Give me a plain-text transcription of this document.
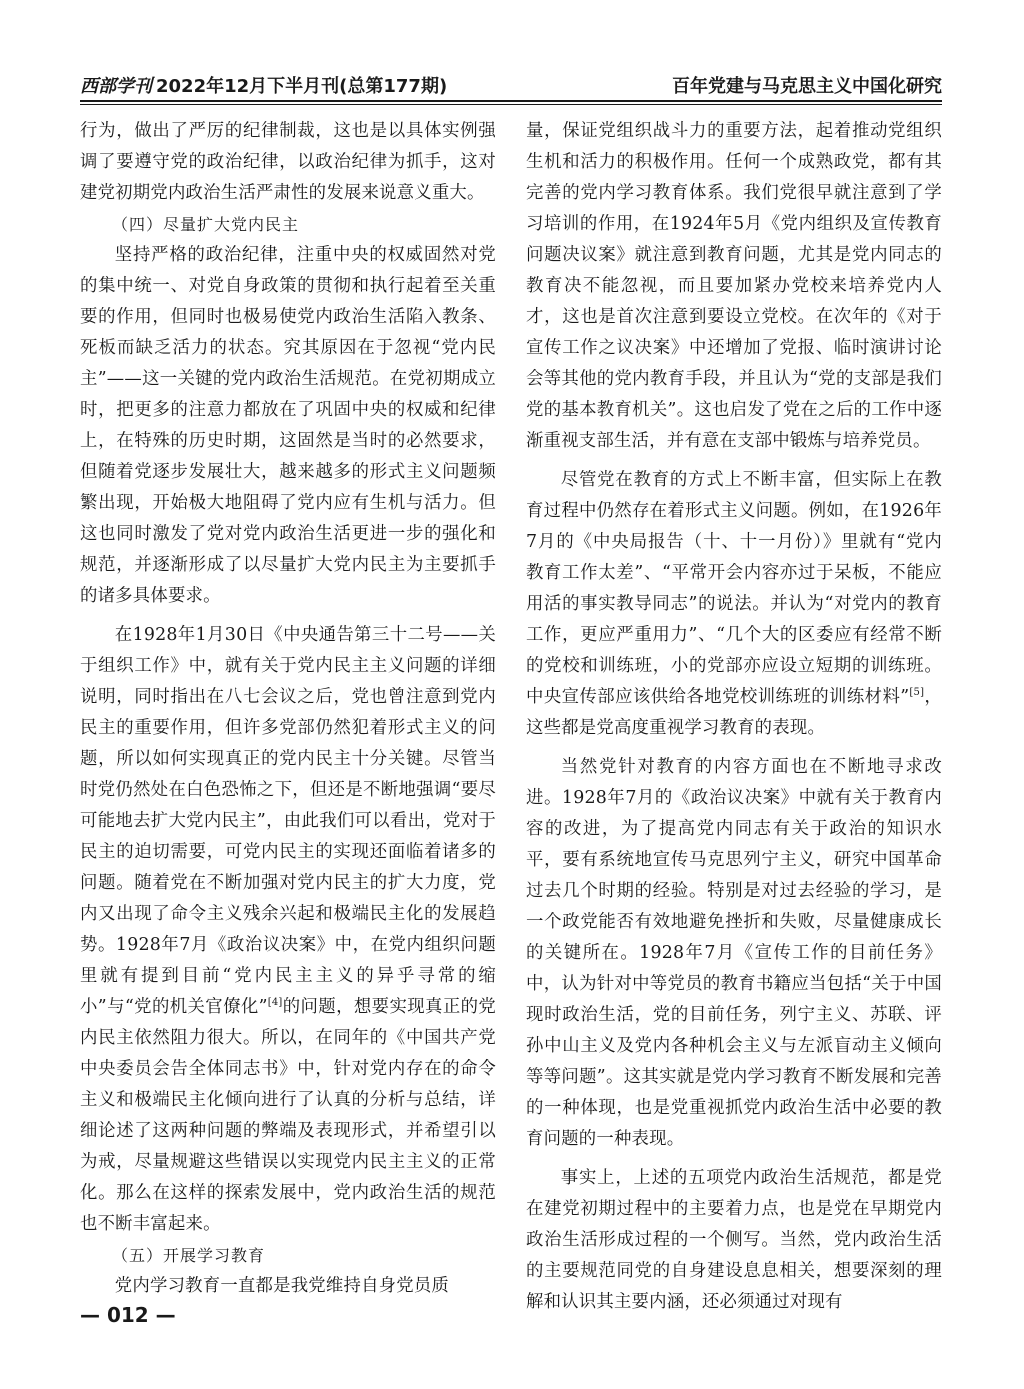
西部学刊 2022年12月下半月刊(总第177期)	百年党建与马克思主义中国化研究

行为，做出了严厉的纪律制裁，这也是以具体实例强调了要遵守党的政治纪律，以政治纪律为抓手，这对建党初期党内政治生活严肃性的发展来说意义重大。

（四）尽量扩大党内民主

坚持严格的政治纪律，注重中央的权威固然对党的集中统一、对党自身政策的贯彻和执行起着至关重要的作用，但同时也极易使党内政治生活陷入教条、死板而缺乏活力的状态。究其原因在于忽视“党内民主”——这一关键的党内政治生活规范。在党初期成立时，把更多的注意力都放在了巩固中央的权威和纪律上，在特殊的历史时期，这固然是当时的必然要求，但随着党逐步发展壮大，越来越多的形式主义问题频繁出现，开始极大地阻碍了党内应有生机与活力。但这也同时激发了党对党内政治生活更进一步的强化和规范，并逐渐形成了以尽量扩大党内民主为主要抓手的诸多具体要求。

在1928年1月30日《中央通告第三十二号——关于组织工作》中，就有关于党内民主主义问题的详细说明，同时指出在八七会议之后，党也曾注意到党内民主的重要作用，但许多党部仍然犯着形式主义的问题，所以如何实现真正的党内民主十分关键。尽管当时党仍然处在白色恐怖之下，但还是不断地强调“要尽可能地去扩大党内民主”，由此我们可以看出，党对于民主的迫切需要，可党内民主的实现还面临着诸多的问题。随着党在不断加强对党内民主的扩大力度，党内又出现了命令主义残余兴起和极端民主化的发展趋势。1928年7月《政治议决案》中，在党内组织问题里就有提到目前“党内民主主义的异乎寻常的缩小”与“党的机关官僚化”[4]的问题，想要实现真正的党内民主依然阻力很大。所以，在同年的《中国共产党中央委员会告全体同志书》中，针对党内存在的命令主义和极端民主化倾向进行了认真的分析与总结，详细论述了这两种问题的弊端及表现形式，并希望引以为戒，尽量规避这些错误以实现党内民主主义的正常化。那么在这样的探索发展中，党内政治生活的规范也不断丰富起来。

（五）开展学习教育

党内学习教育一直都是我党维持自身党员质

量，保证党组织战斗力的重要方法，起着推动党组织生机和活力的积极作用。任何一个成熟政党，都有其完善的党内学习教育体系。我们党很早就注意到了学习培训的作用，在1924年5月《党内组织及宣传教育问题决议案》就注意到教育问题，尤其是党内同志的教育决不能忽视，而且要加紧办党校来培养党内人才，这也是首次注意到要设立党校。在次年的《对于宣传工作之议决案》中还增加了党报、临时演讲讨论会等其他的党内教育手段，并且认为“党的支部是我们党的基本教育机关”。这也启发了党在之后的工作中逐渐重视支部生活，并有意在支部中锻炼与培养党员。

尽管党在教育的方式上不断丰富，但实际上在教育过程中仍然存在着形式主义问题。例如，在1926年7月的《中央局报告（十、十一月份）》里就有“党内教育工作太差”、“平常开会内容亦过于呆板，不能应用活的事实教导同志”的说法。并认为“对党内的教育工作，更应严重用力”、“几个大的区委应有经常不断的党校和训练班，小的党部亦应设立短期的训练班。中央宣传部应该供给各地党校训练班的训练材料”[5]，这些都是党高度重视学习教育的表现。

当然党针对教育的内容方面也在不断地寻求改进。1928年7月的《政治议决案》中就有关于教育内容的改进，为了提高党内同志有关于政治的知识水平，要有系统地宣传马克思列宁主义，研究中国革命过去几个时期的经验。特别是对过去经验的学习，是一个政党能否有效地避免挫折和失败，尽量健康成长的关键所在。1928年7月《宣传工作的目前任务》中，认为针对中等党员的教育书籍应当包括“关于中国现时政治生活，党的目前任务，列宁主义、苏联、评孙中山主义及党内各种机会主义与左派盲动主义倾向等等问题”。这其实就是党内学习教育不断发展和完善的一种体现，也是党重视抓党内政治生活中必要的教育问题的一种表现。

事实上，上述的五项党内政治生活规范，都是党在建党初期过程中的主要着力点，也是党在早期党内政治生活形成过程的一个侧写。当然，党内政治生活的主要规范同党的自身建设息息相关，想要深刻的理解和认识其主要内涵，还必须通过对现有

— 012 —
